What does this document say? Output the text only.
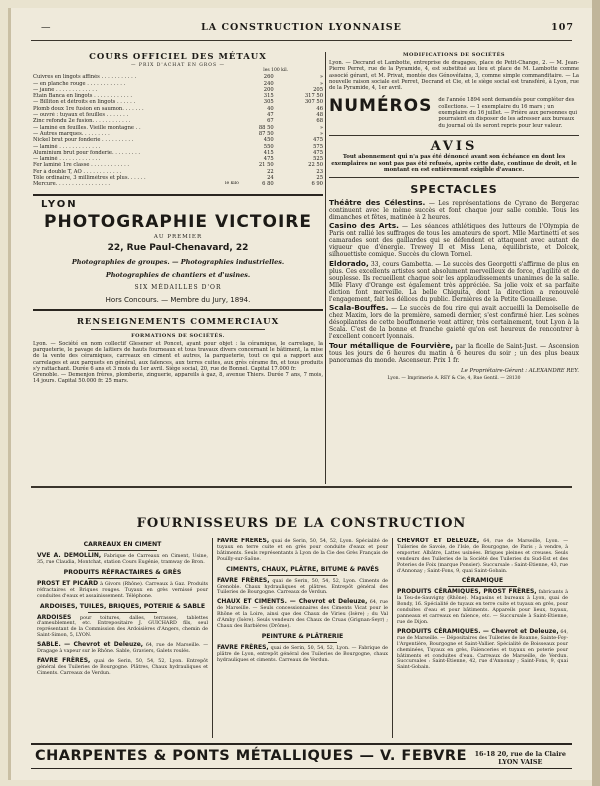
—	LA CONSTRUCTION LYONNAISE	107
COURS OFFICIEL DES MÉTAUX
— PRIX D'ACHAT EN GROS —
		les 100 kil.		
Cuivres en lingots affinés . . . . . . . . . . .		260		»
— en planche rouge . . . . . . . . . . . .		240		»
— jaune . . . . . . . . . . . . .		200		205
Étain Banca en lingots . . . . . . . . . . . .		315		317 50
— Billiton et détroits en lingots . . . . . .		305		307 50
Plomb doux 1re fusion en saumon. . . . . . .		40		46
— ouvré : tuyaux et feuilles . . . . . . .		47		48
Zinc refondu 2e fusion. . . . . . . . . . . .		67		68
— laminé en feuilles. Vieille montagne . .		88 50		»
— Autres marques. . . . . . . . .		87 50		»
Nickel brut pour fonderie . . . . . . . . . .		450		475
— laminé . . . . . . . . . . . . .		550		575
Aluminium brut pour fonderie. . . . . . . . .		415		475
— laminé . . . . . . . . . . . . .		475		525
Fer laminé 1re classe . . . . . . . . . . . .		21 50		22 50
Fer à double T, AO . . . . . . . . . . . .		22		23
Tôle ordinaire, 3 millimètres et plus. . . . . .		24		25
Mercure. . . . . . . . . . . . . . . . .	le kilo	6 80		6 90
LYON
PHOTOGRAPHIE VICTOIRE
AU PREMIER
22, Rue Paul-Chenavard, 22
Photographies de groupes. — Photographies industrielles.
Photographies de chantiers et d'usines.
SIX MÉDAILLES D'OR
Hors Concours. — Membre du Jury, 1894.
RENSEIGNEMENTS COMMERCIAUX
FORMATIONS DE SOCIÉTÉS.

Lyon. — Société en nom collectif Glesener et Poncet, ayant pour objet : la céramique, le carrelage, la parqueterie, le pavage de laitiers de hauts fourneaux et tous travaux divers concernant le bâtiment, la mise de la vente des céramiques, carreaux en ciment et autres, la parqueterie, tout ce qui a rapport aux carrelages et aux parquets en général, aux faïences, aux terres cuites, aux grès cérame fin, et tous produits s'y rattachant. Durée 6 ans et 3 mois du 1er avril. Siège social, 20, rue de Bonnel. Capital 17.000 fr.

Grenoble. — Demenjon frères, plomberie, zinguerie, appareils à gaz, 8, avenue Thiers. Durée 7 ans, 7 mois, 14 jours. Capital 50.000 fr. 25 mars.

MODIFICATIONS DE SOCIÉTÉS

Lyon. — Decrand et Lambotte, entreprise de dragages, place de Petit-Change, 2. — M. Jean-Pierre Perret, rue de la Pyramide, 4, est substitué au lieu et place de M. Lambotte comme associé gérant, et M. Privat, montée des Génovéfains, 3, comme simple commanditaire. — La nouvelle raison sociale est Perret, Decrand et Cie, et le siège social est transféré, à Lyon, rue de la Pyramide, 4, 1er avril.

NUMÉROS	de l'année 1894 sont demandés pour compléter des collections. — 1 exemplaire du 16 mars ; un exemplaire du 16 juillet. — Prière aux personnes qui pourraient en disposer de les adresser aux bureaux du journal où ils seront repris pour leur valeur.
AVIS
Tout abonnement qui n'a pas été dénoncé avant son échéance en dont les exemplaires ne sont pas pas été refusés, après cette date, continue de droit, et le montant en est entièrement exigible d'avance.
SPECTACLES

Théâtre des Célestins. — Les représentations de Cyrano de Bergerac continuent avec le même succès et font chaque jour salle comble. Tous les dimanches et fêtes, matinée à 2 heures.

Casino des Arts. — Les séances athlétiques des lutteurs de l'Olympia de Paris ont rallié les suffrages de tous les amateurs de sport. Mlle Martinetti et ses camarades sont des gaillardes qui se défendent et attaquent avec autant de vigueur que d'énergie. Trewey II et Miss Lena, équilibriste, et Dolcek, silhouettiste comique. Succès du clown Tornel.

Eldorado, 33, cours Gambetta. — Le succès des Georgetti s'affirme de plus en plus. Ces excellents artistes sont absolument merveilleux de force, d'agilité et de souplesse. Ils recueillent chaque soir les applaudissements unanimes de la salle. Mlle Flavy d'Orange est également très appréciée. Sa jolie voix et sa parfaite diction font merveille. La belle Chiquita, dont la direction a renouvelé l'engagement, fait les délices du public. Dernières de la Petite Gouailleuse.

Scala-Bouffes. — Le succès de fou rire qui avait accueilli la Demoiselle de chez Maxim, lors de la première, samedi dernier, s'est confirmé hier. Les scènes désopilantes de cette bouffonnerie vont attirer, très certainement, tout Lyon à la Scala. C'est de la bonne et franche gaieté qu'on est heureux de rencontrer à l'excellent concert lyonnais.

Tour métallique de Fourvière, par la ficelle de Saint-Just. — Ascension tous les jours de 6 heures du matin à 6 heures du soir ; un des plus beaux panoramas du monde. Ascenseur. Prix 1 fr.

Le Propriétaire-Gérant : ALEXANDRE REY.
Lyon. — Imprimerie A. REY & Cie, 4, Rue Gentil. — 28130
FOURNISSEURS DE LA CONSTRUCTION
CARREAUX EN CIMENT

VVE A. DEMOLLIN, Fabrique de Carreaux en Ciment, Usine, 35, rue Claudia, Montchat, station Cours Eugénie, tramway de Bron.

PRODUITS RÉFRACTAIRES & GRÈS

PROST ET PICARD à Givors (Rhône). Carreaux à Gaz. Produits réfractaires et Briques rouges. Tuyaux en grès vernissé pour conduites d'eaux et assainissement. Téléphone.

ARDOISES, TUILES, BRIQUES, POTERIE & SABLE

ARDOISES pour toitures, dalles, terrasses, tablettes d'ameublement, etc. Entrepositaire J. GUICHARD fils, seul représentant de la Commission des Ardoisières d'Angers, chemin de Saint-Simon, 5, LYON.

SABLE. — Chevrot et Deleuze, 64, rue de Marseille. — Dragage à vapeur sur le Rhône. Sable, Graviers, Galets roulés.

FAVRE FRÈRES, quai de Serin, 50, 54, 52, Lyon. Entrepôt général des Tuileries de Bourgogne. Plâtres, Chaux hydrauliques et Ciments. Carreaux de Verdun.

FAVRE FRÈRES, quai de Serin, 50, 54, 52, Lyon. Spécialité de tuyaux en terre cuite et en grès pour conduite d'eaux et pour bâtiments. Seuls représentants à Lyon de la Cie des Grès Français de Pouilly-sur-Saône.

CIMENTS, CHAUX, PLÂTRE, BITUME & PAVÉS

FAVRE FRÈRES, quai de Serin, 50, 54, 52, Lyon. Ciments de Grenoble. Chaux hydrauliques et plâtres. Entrepôt général des Tuileries de Bourgogne. Carreaux de Verdun.

CHAUX ET CIMENTS. — Chevrot et Deleuze, 64, rue de Marseille. — Seuls concessionnaires des Ciments Vicat pour le Rhône et la Loire, ainsi que des Chaux de Virieu (Isère) ; du Val d'Amby (Isère). Seuls vendeurs des Chaux de Cruas (Grignan-Seyr) ; Chaux des Barbières (Drôme).

PEINTURE & PLÂTRERIE

FAVRE FRÈRES, quai de Serin, 50, 54, 52, Lyon. — Fabrique de plâtre de Lyon, entrepôt général des Tuileries de Bourgogne, chaux hydrauliques et ciments. Carreaux de Verdun.

CHEVROT ET DELEUZE, 64, rue de Marseille, Lyon. — Tuileries de Savoie, de l'Isle, de Bourgogne, de Paris ; à vendre, à emporter. Albâtre, Lattes usinées. Briques pleines et creuses. Seuls vendeurs des Tuileries de la Société des Tuileries du Sud-Est et des Poteries de Foix (marque Ponsier). Succursale : Saint-Etienne, 43, rue d'Annonay ; Saint-Fons, 9, quai Saint-Gobain.

CÉRAMIQUE

PRODUITS CÉRAMIQUES, PROST FRÈRES, fabricants à la Teu-de-Sauvigny (Rhône). Magasins et bureaux à Lyon, quai de Bondy, 16. Spécialité de tuyaux en terre cuite et tuyaux en grès, pour conduites d'eau et pour bâtiments. Appareils pour lieux, tuyaux, panneaux et carreaux en faïence, etc. — Succursale à Saint-Etienne, rue de Dijon.

PRODUITS CÉRAMIQUES. — Chevrot et Deleuze, 64, rue de Marseille. — Dépositaires des Tuileries de Roanne, Sainte-Foy-l'Argentière, Bourgogne et Saint-Vallier. Spécialité de Boisseaux pour cheminées, Tuyaux en grès, Faïenceries et tuyaux en poterie pour bâtiments et conduites d'eau. Carreaux de Marseille, de Verdun. Succursales : Saint-Etienne, 42, rue d'Annonay ; Saint-Fons, 9, quai Saint-Gobain.

CHARPENTES & PONTS MÉTALLIQUES — V. FEBVRE 16-18 20, rue de la Claire
LYON VAISE
